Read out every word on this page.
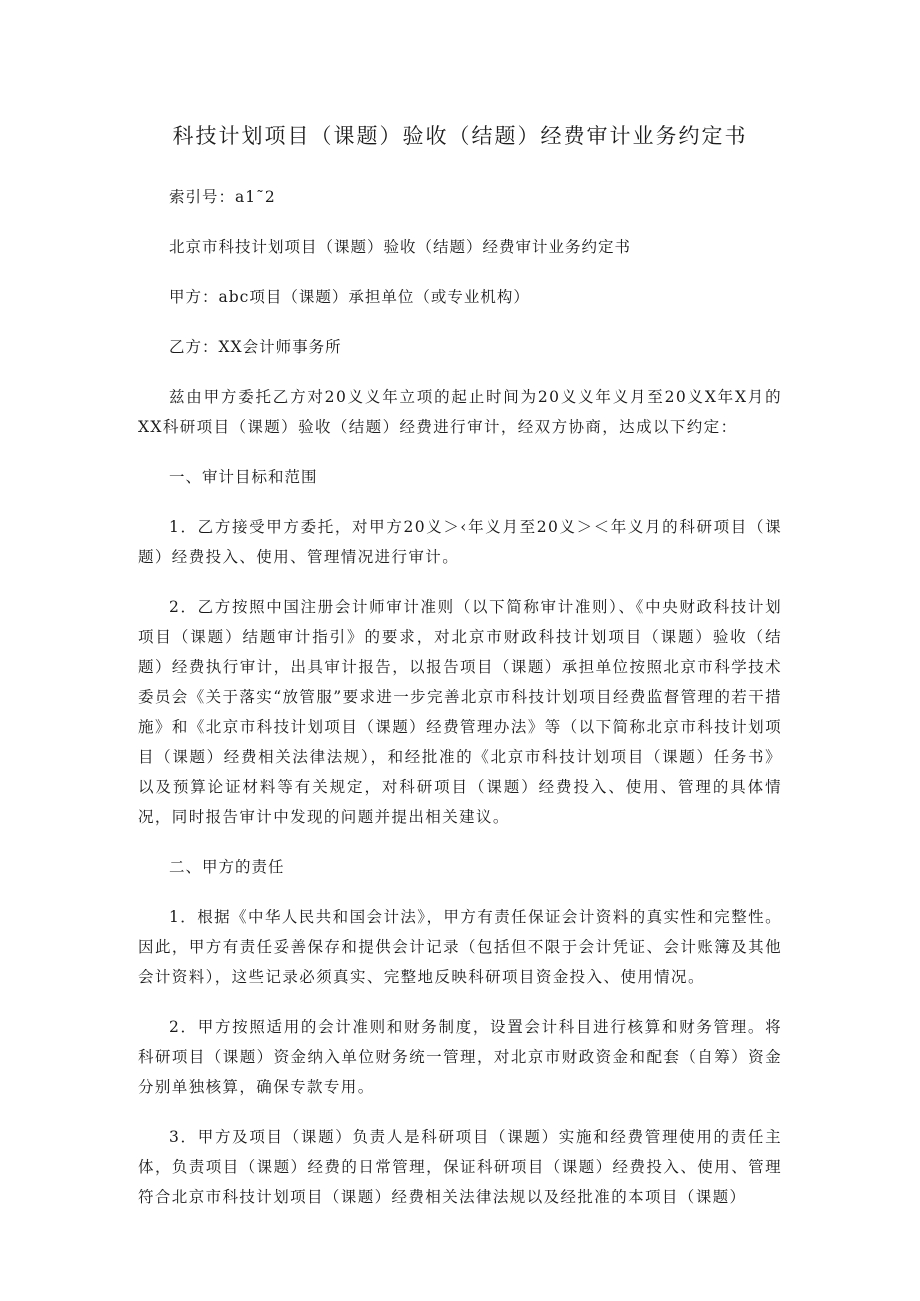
科技计划项目（课题）验收（结题）经费审计业务约定书

索引号：a1˜2

北京市科技计划项目（课题）验收（结题）经费审计业务约定书

甲方：abc项目（课题）承担单位（或专业机构）

乙方：XX会计师事务所

兹由甲方委托乙方对20义义年立项的起止时间为20义义年义月至20义X年X月的XX科研项目（课题）验收（结题）经费进行审计，经双方协商，达成以下约定：

一、审计目标和范围

1．乙方接受甲方委托，对甲方20义＞‹年义月至20义＞＜年义月的科研项目（课题）经费投入、使用、管理情况进行审计。

2．乙方按照中国注册会计师审计准则（以下简称审计准则）、《中央财政科技计划项目（课题）结题审计指引》的要求，对北京市财政科技计划项目（课题）验收（结题）经费执行审计，出具审计报告，以报告项目（课题）承担单位按照北京市科学技术委员会《关于落实“放管服”要求进一步完善北京市科技计划项目经费监督管理的若干措施》和《北京市科技计划项目（课题）经费管理办法》等（以下简称北京市科技计划项目（课题）经费相关法律法规），和经批准的《北京市科技计划项目（课题）任务书》以及预算论证材料等有关规定，对科研项目（课题）经费投入、使用、管理的具体情况，同时报告审计中发现的问题并提出相关建议。

二、甲方的责任

1．根据《中华人民共和国会计法》，甲方有责任保证会计资料的真实性和完整性。因此，甲方有责任妥善保存和提供会计记录（包括但不限于会计凭证、会计账簿及其他会计资料），这些记录必须真实、完整地反映科研项目资金投入、使用情况。

2．甲方按照适用的会计准则和财务制度，设置会计科目进行核算和财务管理。将科研项目（课题）资金纳入单位财务统一管理，对北京市财政资金和配套（自筹）资金分别单独核算，确保专款专用。

3．甲方及项目（课题）负责人是科研项目（课题）实施和经费管理使用的责任主体，负责项目（课题）经费的日常管理，保证科研项目（课题）经费投入、使用、管理符合北京市科技计划项目（课题）经费相关法律法规以及经批准的本项目（课题）
